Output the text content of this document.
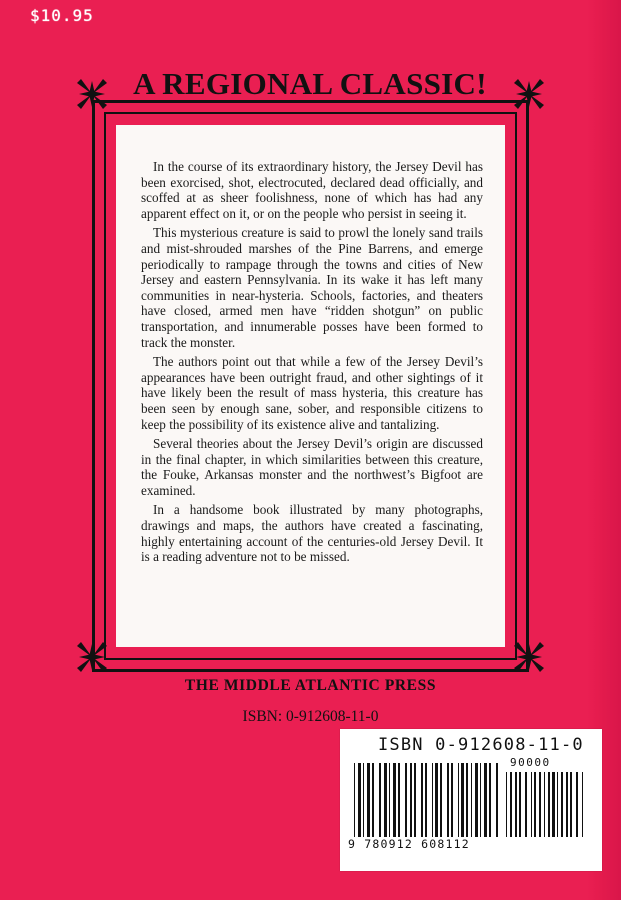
$10.95
A REGIONAL CLASSIC!

In the course of its extraordinary history, the Jersey Devil has been exorcised, shot, electrocuted, declared dead officially, and scoffed at as sheer foolishness, none of which has had any apparent effect on it, or on the people who persist in seeing it.

This mysterious creature is said to prowl the lonely sand trails and mist-shrouded marshes of the Pine Barrens, and emerge periodically to rampage through the towns and cities of New Jersey and eastern Pennsylvania. In its wake it has left many communities in near-hysteria. Schools, factories, and theaters have closed, armed men have “ridden shotgun” on public transportation, and innumerable posses have been formed to track the monster.

The authors point out that while a few of the Jersey Devil’s appearances have been outright fraud, and other sightings of it have likely been the result of mass hysteria, this creature has been seen by enough sane, sober, and responsible citizens to keep the possibility of its existence alive and tantalizing.

Several theories about the Jersey Devil’s origin are discussed in the final chapter, in which similarities between this creature, the Fouke, Arkansas monster and the northwest’s Bigfoot are examined.

In a handsome book illustrated by many photographs, drawings and maps, the authors have created a fascinating, highly entertaining account of the centuries-old Jersey Devil. It is a reading adventure not to be missed.

THE MIDDLE ATLANTIC PRESS
ISBN: 0-912608-11-0
ISBN 0-912608-11-0
90000
9 780912 608112
